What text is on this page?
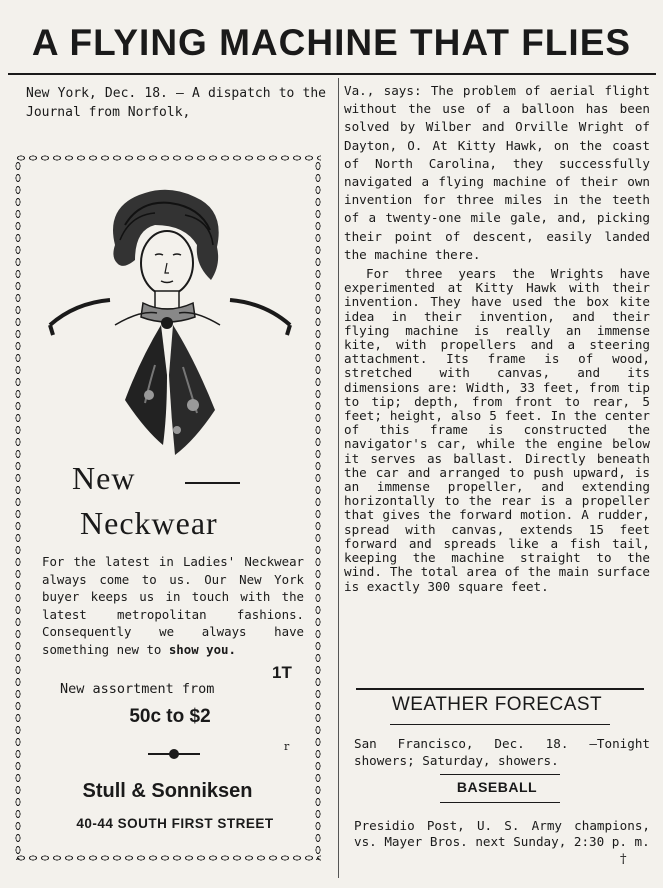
A FLYING MACHINE THAT FLIES
New York, Dec. 18. — A dispatch to the Journal from Norfolk,

Va., says: The problem of aerial flight without the use of a balloon has been solved by Wilber and Orville Wright of Dayton, O. At Kitty Hawk, on the coast of North Carolina, they successfully navigated a flying machine of their own invention for three miles in the teeth of a twenty-one mile gale, and, picking their point of descent, easily landed the machine there.

For three years the Wrights have experimented at Kitty Hawk with their invention. They have used the box kite idea in their invention, and their flying machine is really an immense kite, with propellers and a steering attachment. Its frame is of wood, stretched with canvas, and its dimensions are: Width, 33 feet, from tip to tip; depth, from front to rear, 5 feet; height, also 5 feet. In the center of this frame is constructed the navigator's car, while the engine below it serves as ballast. Directly beneath the car and arranged to push upward, is an immense propeller, and extending horizontally to the rear is a propeller that gives the forward motion. A rudder, spread with canvas, extends 15 feet forward and spreads like a fish tail, keeping the machine straight to the wind. The total area of the main surface is exactly 300 square feet.

New
Neckwear
For the latest in Ladies' Neckwear always come to us. Our New York buyer keeps us in touch with the latest metropolitan fashions. Consequently we always have something new to show you.
1T
New assortment from
50c to $2
r
Stull & Sonniksen
40-44 SOUTH FIRST STREET
WEATHER FORECAST
San Francisco, Dec. 18. —Tonight showers; Saturday, showers.
BASEBALL
Presidio Post, U. S. Army champions, vs. Mayer Bros. next Sunday, 2:30 p. m.
†
